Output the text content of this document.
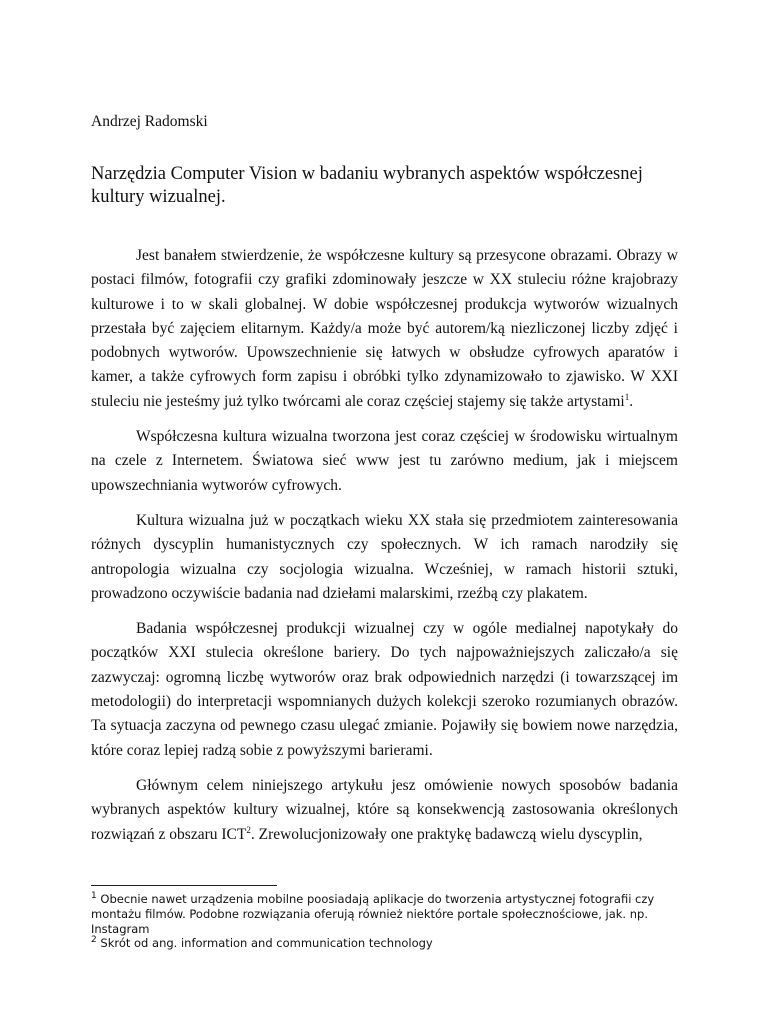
Andrzej Radomski

Narzędzia Computer Vision w badaniu wybranych aspektów współczesnej kultury wizualnej.

Jest banałem stwierdzenie, że współczesne kultury są przesycone obrazami. Obrazy w postaci filmów, fotografii czy grafiki zdominowały jeszcze w XX stuleciu różne krajobrazy kulturowe i to w skali globalnej. W dobie współczesnej produkcja wytworów wizualnych przestała być zajęciem elitarnym. Każdy/a może być autorem/ką niezliczonej liczby zdjęć i podobnych wytworów. Upowszechnienie się łatwych w obsłudze cyfrowych aparatów i kamer, a także cyfrowych form zapisu i obróbki tylko zdynamizowało to zjawisko. W XXI stuleciu nie jesteśmy już tylko twórcami ale coraz częściej stajemy się także artystami$^1$.

Współczesna kultura wizualna tworzona jest coraz częściej w środowisku wirtualnym na czele z Internetem. Światowa sieć www jest tu zarówno medium, jak i miejscem upowszechniania wytworów cyfrowych.

Kultura wizualna już w początkach wieku XX stała się przedmiotem zainteresowania różnych dyscyplin humanistycznych czy społecznych. W ich ramach narodziły się antropologia wizualna czy socjologia wizualna. Wcześniej, w ramach historii sztuki, prowadzono oczywiście badania nad dziełami malarskimi, rzeźbą czy plakatem.

Badania współczesnej produkcji wizualnej czy w ogóle medialnej napotykały do początków XXI stulecia określone bariery. Do tych najpoważniejszych zaliczało/a się zazwyczaj: ogromną liczbę wytworów oraz brak odpowiednich narzędzi (i towarzszącej im metodologii) do interpretacji wspomnianych dużych kolekcji szeroko rozumianych obrazów. Ta sytuacja zaczyna od pewnego czasu ulegać zmianie. Pojawiły się bowiem nowe narzędzia, które coraz lepiej radzą sobie z powyższymi barierami.

Głównym celem niniejszego artykułu jesz omówienie nowych sposobów badania wybranych aspektów kultury wizualnej, które są konsekwencją zastosowania określonych rozwiązań z obszaru ICT$^2$. Zrewolucjonizowały one praktykę badawczą wielu dyscyplin,

$^1$ Obecnie nawet urządzenia mobilne poosiadają aplikacje do tworzenia artystycznej fotografii czy montażu filmów. Podobne rozwiązania oferują również niektóre portale społecznościowe, jak. np. Instagram

$^2$ Skrót od ang. information and communication technology
